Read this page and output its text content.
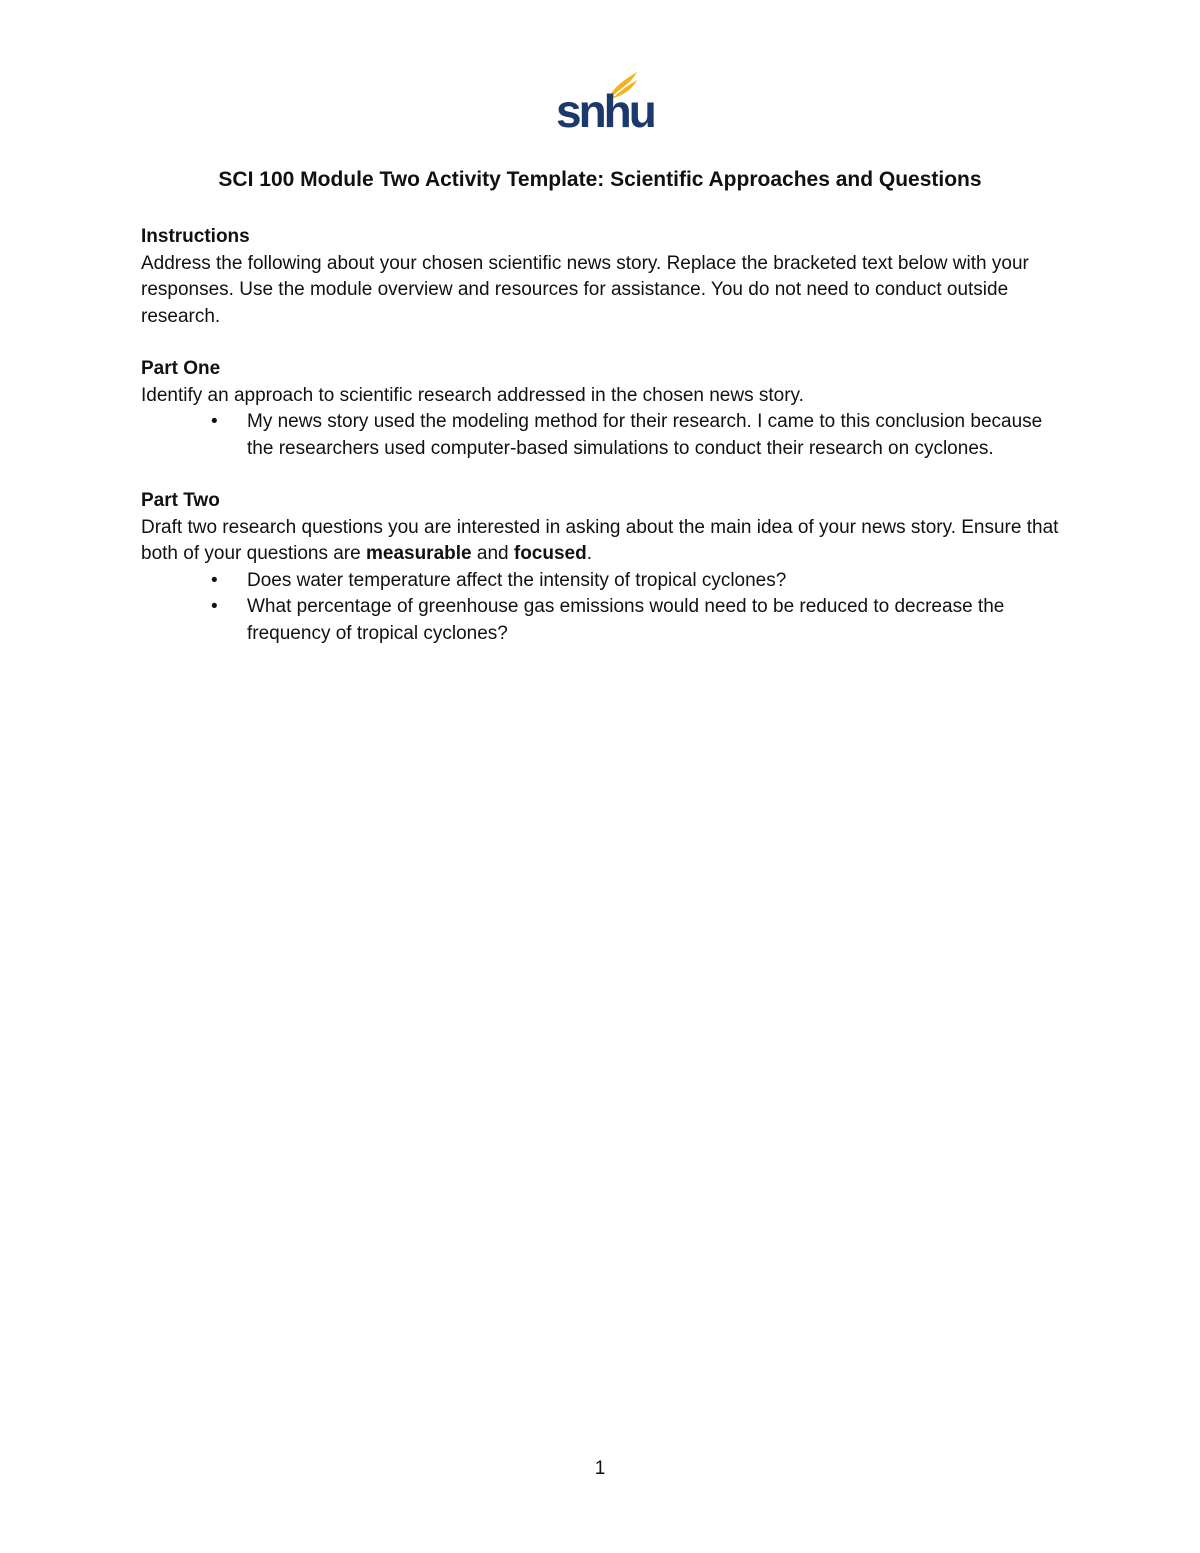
snhu
SCI 100 Module Two Activity Template: Scientific Approaches and Questions

Instructions

Address the following about your chosen scientific news story. Replace the bracketed text below with your responses. Use the module overview and resources for assistance. You do not need to conduct outside research.

Part One

Identify an approach to scientific research addressed in the chosen news story.

• My news story used the modeling method for their research. I came to this conclusion because the researchers used computer-based simulations to conduct their research on cyclones.

Part Two

Draft two research questions you are interested in asking about the main idea of your news story. Ensure that both of your questions are measurable and focused.

• Does water temperature affect the intensity of tropical cyclones?
• What percentage of greenhouse gas emissions would need to be reduced to decrease the frequency of tropical cyclones?

1
